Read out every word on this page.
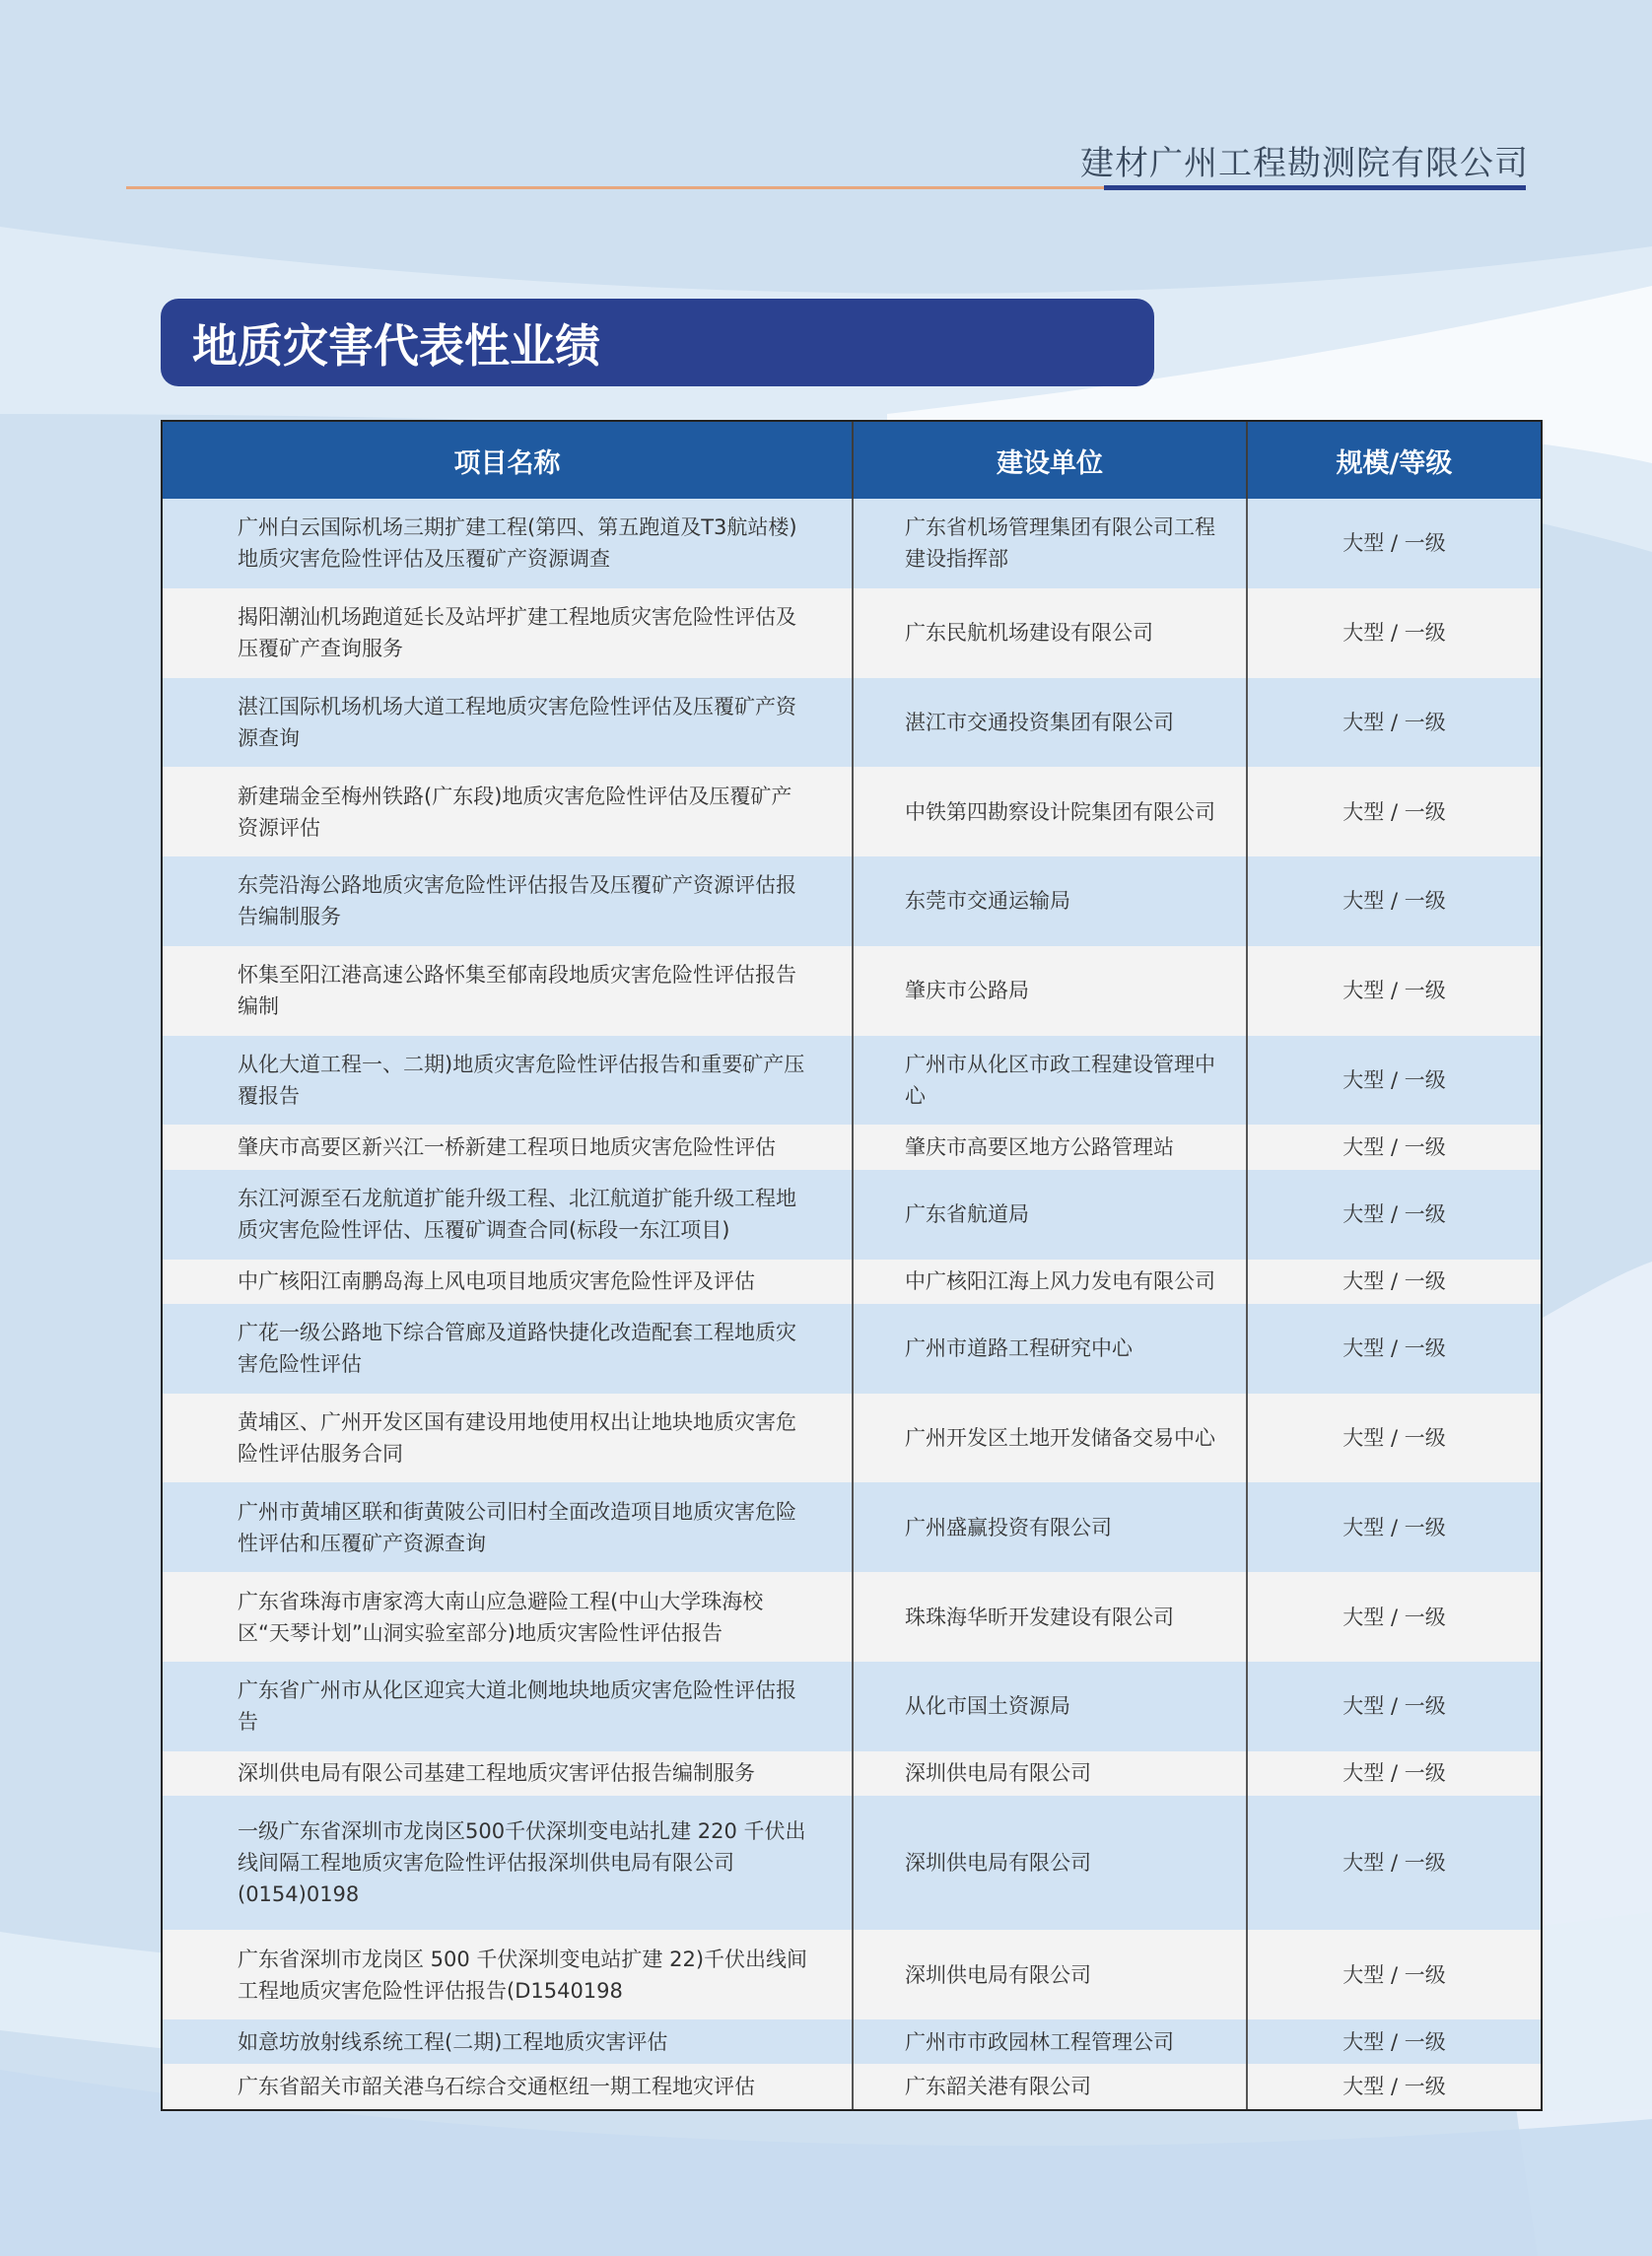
建材广州工程勘测院有限公司
地质灾害代表性业绩
项目名称	建设单位	规模/等级
广州白云国际机场三期扩建工程(第四、第五跑道及T3航站楼)地质灾害危险性评估及压覆矿产资源调查	广东省机场管理集团有限公司工程建设指挥部	大型 / 一级
揭阳潮汕机场跑道延长及站坪扩建工程地质灾害危险性评估及压覆矿产查询服务	广东民航机场建设有限公司	大型 / 一级
湛江国际机场机场大道工程地质灾害危险性评估及压覆矿产资源查询	湛江市交通投资集团有限公司	大型 / 一级
新建瑞金至梅州铁路(广东段)地质灾害危险性评估及压覆矿产资源评估	中铁第四勘察设计院集团有限公司	大型 / 一级
东莞沿海公路地质灾害危险性评估报告及压覆矿产资源评估报告编制服务	东莞市交通运输局	大型 / 一级
怀集至阳江港高速公路怀集至郁南段地质灾害危险性评估报告编制	肇庆市公路局	大型 / 一级
从化大道工程一、二期)地质灾害危险性评估报告和重要矿产压覆报告	广州市从化区市政工程建设管理中心	大型 / 一级
肇庆市高要区新兴江一桥新建工程项日地质灾害危险性评估	肇庆市高要区地方公路管理站	大型 / 一级
东江河源至石龙航道扩能升级工程、北江航道扩能升级工程地质灾害危险性评估、压覆矿调查合同(标段一东江项目)	广东省航道局	大型 / 一级
中广核阳江南鹏岛海上风电项目地质灾害危险性评及评估	中广核阳江海上风力发电有限公司	大型 / 一级
广花一级公路地下综合管廊及道路快捷化改造配套工程地质灾害危险性评估	广州市道路工程研究中心	大型 / 一级
黄埔区、广州开发区国有建设用地使用权出让地块地质灾害危险性评估服务合同	广州开发区土地开发储备交易中心	大型 / 一级
广州市黄埔区联和街黄陂公司旧村全面改造项目地质灾害危险性评估和压覆矿产资源查询	广州盛赢投资有限公司	大型 / 一级
广东省珠海市唐家湾大南山应急避险工程(中山大学珠海校区“天琴计划”山洞实验室部分)地质灾害险性评估报告	珠珠海华昕开发建设有限公司	大型 / 一级
广东省广州市从化区迎宾大道北侧地块地质灾害危险性评估报告	从化市国土资源局	大型 / 一级
深圳供电局有限公司基建工程地质灾害评估报告编制服务	深圳供电局有限公司	大型 / 一级
一级广东省深圳市龙岗区500千伏深圳变电站扎建 220 千伏出线间隔工程地质灾害危险性评估报深圳供电局有限公司(0154)0198	深圳供电局有限公司	大型 / 一级
广东省深圳市龙岗区 500 千伏深圳变电站扩建 22)千伏出线间工程地质灾害危险性评估报告(D1540198	深圳供电局有限公司	大型 / 一级
如意坊放射线系统工程(二期)工程地质灾害评估	广州市市政园林工程管理公司	大型 / 一级
广东省韶关市韶关港乌石综合交通枢纽一期工程地灾评估	广东韶关港有限公司	大型 / 一级
